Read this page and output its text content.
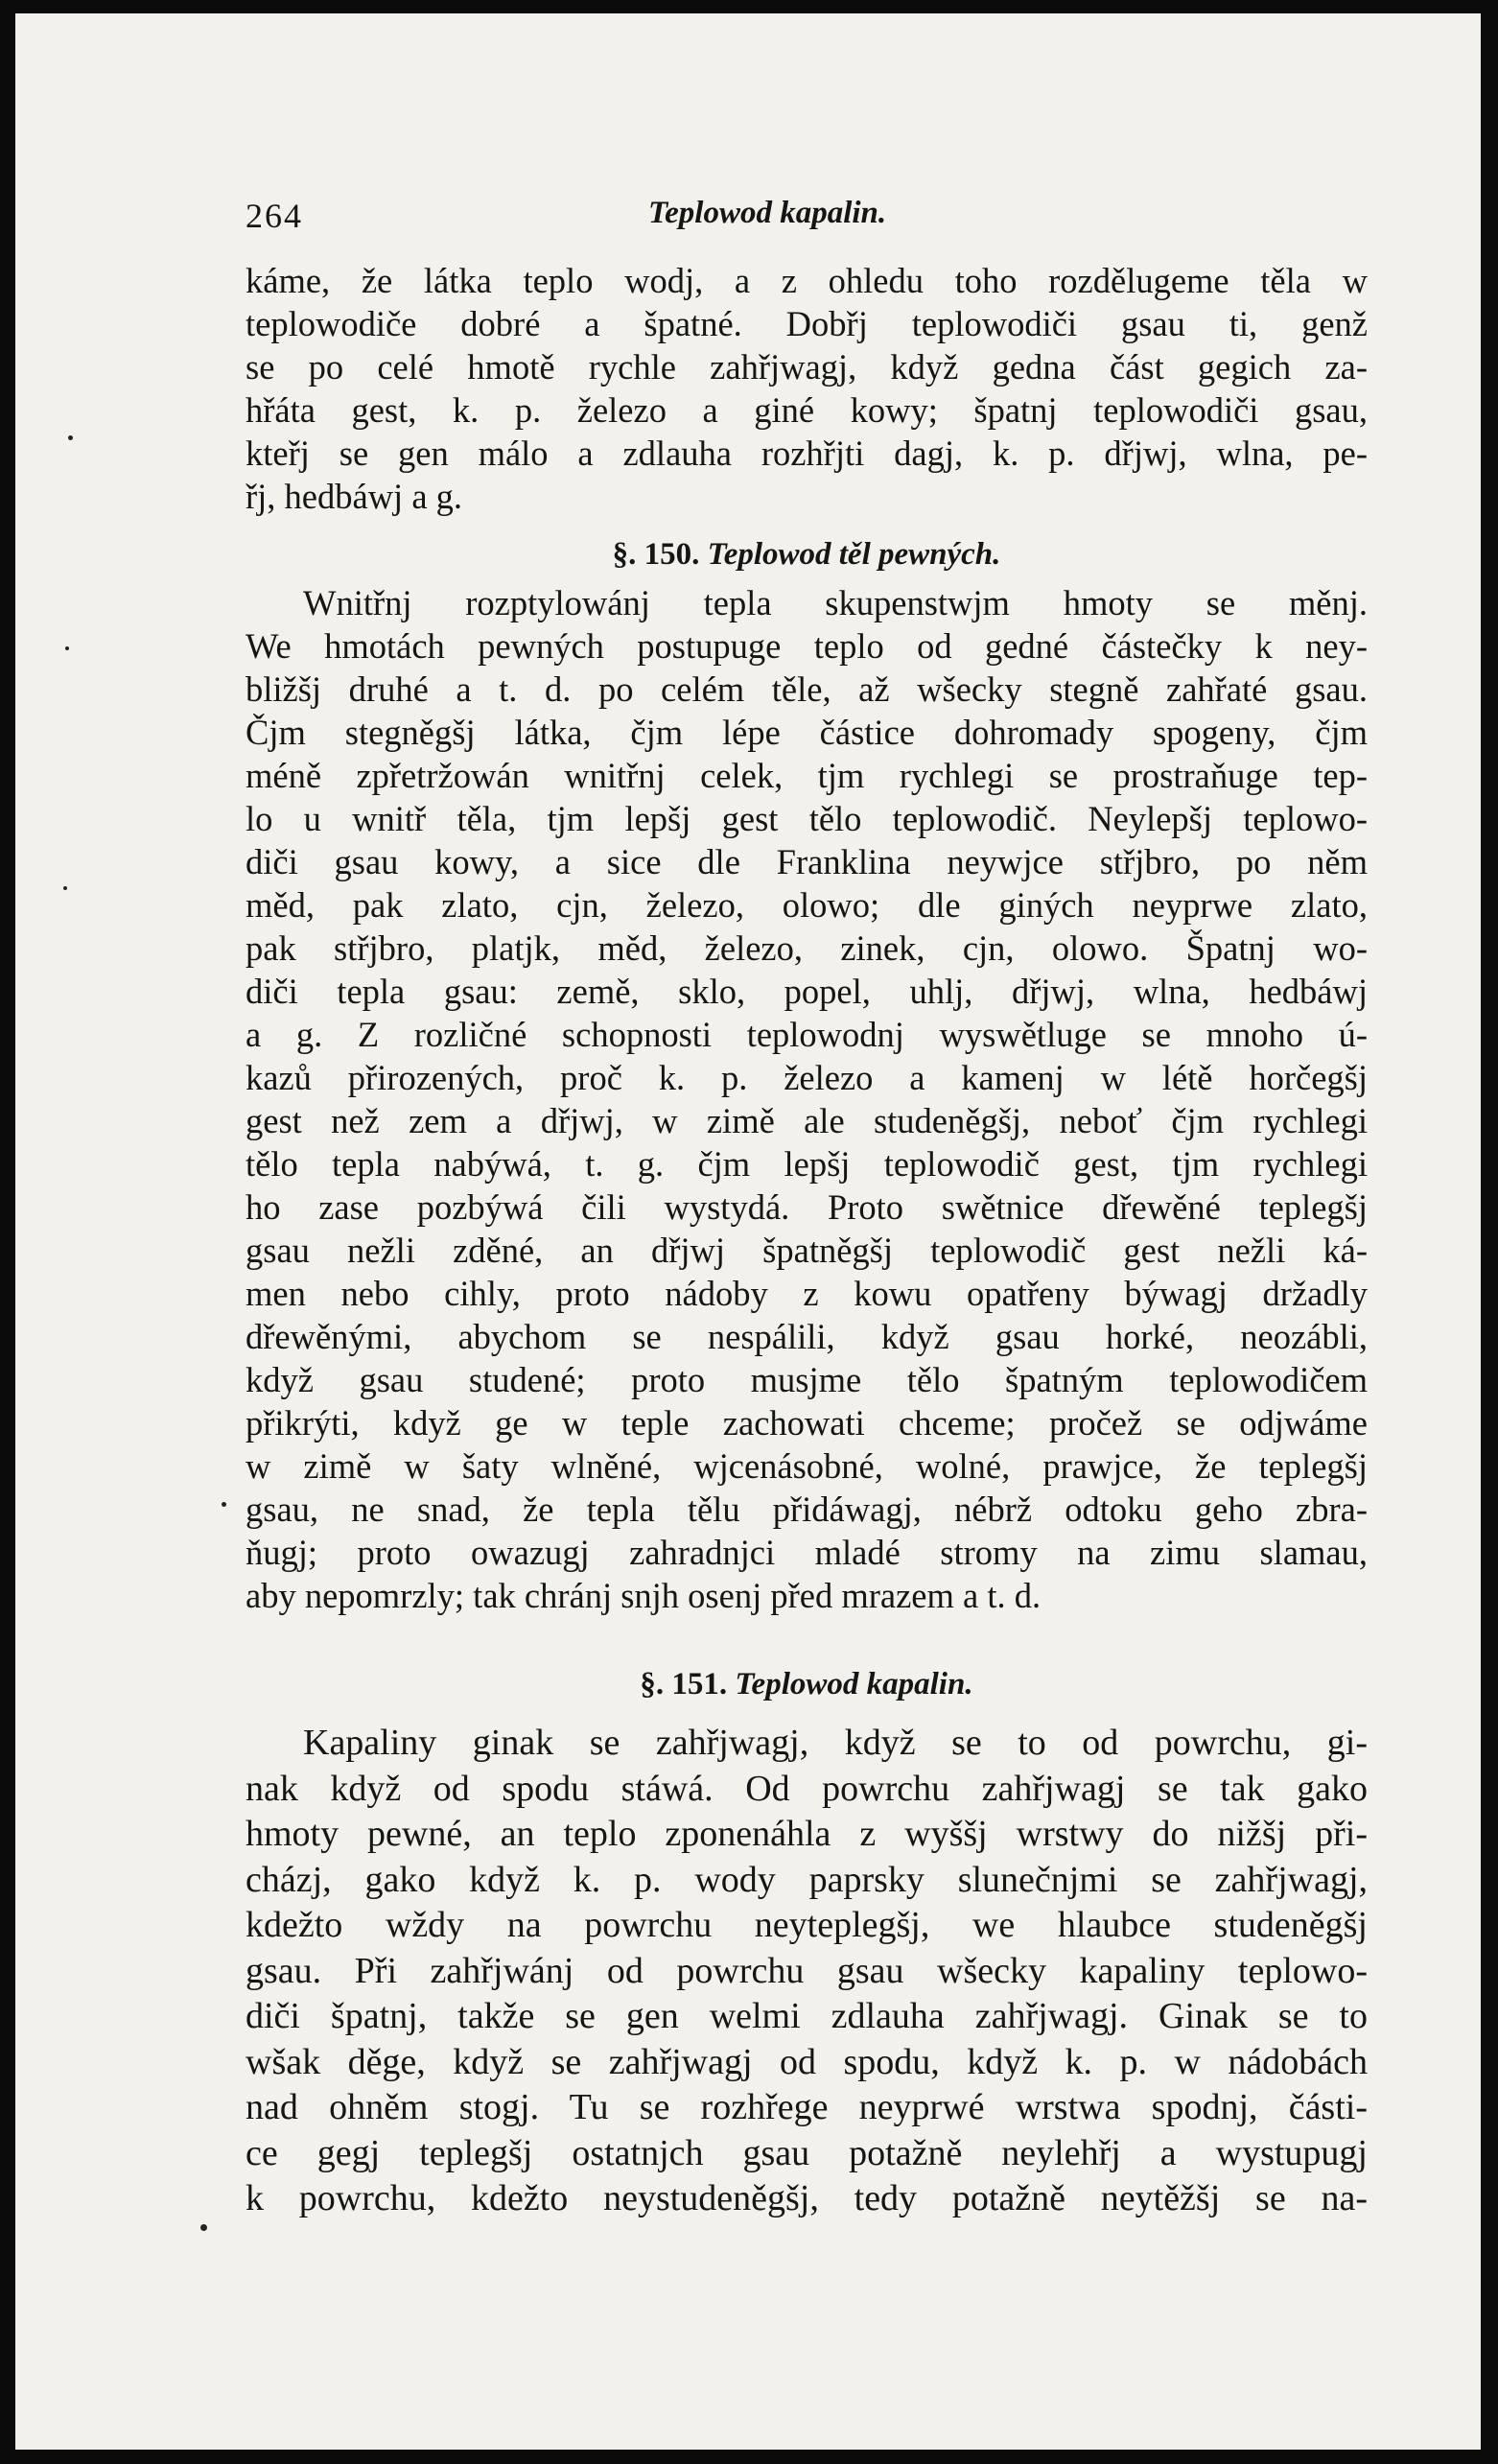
264	Teplowod kapalin.
káme, že látka teplo wodj, a z ohledu toho rozdělugeme těla w
teplowodiče dobré a špatné. Dobřj teplowodiči gsau ti, genž
se po celé hmotě rychle zahřjwagj, když gedna část gegich za-
hřáta gest, k. p. železo a giné kowy; špatnj teplowodiči gsau,
kteřj se gen málo a zdlauha rozhřjti dagj, k. p. dřjwj, wlna, pe-
řj, hedbáwj a g.
§. 150. Teplowod těl pewných.
Wnitřnj rozptylowánj tepla skupenstwjm hmoty se měnj.
We hmotách pewných postupuge teplo od gedné částečky k ney-
bližšj druhé a t. d. po celém těle, až wšecky stegně zahřaté gsau.
Čjm stegněgšj látka, čjm lépe částice dohromady spogeny, čjm
méně zpřetržowán wnitřnj celek, tjm rychlegi se prostraňuge tep-
lo u wnitř těla, tjm lepšj gest tělo teplowodič. Neylepšj teplowo-
diči gsau kowy, a sice dle Franklina neywjce střjbro, po něm
měd, pak zlato, cjn, železo, olowo; dle giných neyprwe zlato,
pak střjbro, platjk, měd, železo, zinek, cjn, olowo. Špatnj wo-
diči tepla gsau: země, sklo, popel, uhlj, dřjwj, wlna, hedbáwj
a g. Z rozličné schopnosti teplowodnj wyswětluge se mnoho ú-
kazů přirozených, proč k. p. železo a kamenj w létě horčegšj
gest než zem a dřjwj, w zimě ale studeněgšj, neboť čjm rychlegi
tělo tepla nabýwá, t. g. čjm lepšj teplowodič gest, tjm rychlegi
ho zase pozbýwá čili wystydá. Proto swětnice dřewěné teplegšj
gsau nežli zděné, an dřjwj špatněgšj teplowodič gest nežli ká-
men nebo cihly, proto nádoby z kowu opatřeny býwagj držadly
dřewěnými, abychom se nespálili, když gsau horké, neozábli,
když gsau studené; proto musjme tělo špatným teplowodičem
přikrýti, když ge w teple zachowati chceme; pročež se odjwáme
w zimě w šaty wlněné, wjcenásobné, wolné, prawjce, že teplegšj
gsau, ne snad, že tepla tělu přidáwagj, nébrž odtoku geho zbra-
ňugj; proto owazugj zahradnjci mladé stromy na zimu slamau,
aby nepomrzly; tak chránj snjh osenj před mrazem a t. d.
§. 151. Teplowod kapalin.
Kapaliny ginak se zahřjwagj, když se to od powrchu, gi-
nak když od spodu stáwá. Od powrchu zahřjwagj se tak gako
hmoty pewné, an teplo zponenáhla z wyššj wrstwy do nižšj při-
cházj, gako když k. p. wody paprsky slunečnjmi se zahřjwagj,
kdežto wždy na powrchu neyteplegšj, we hlaubce studeněgšj
gsau. Při zahřjwánj od powrchu gsau wšecky kapaliny teplowo-
diči špatnj, takže se gen welmi zdlauha zahřjwagj. Ginak se to
wšak děge, když se zahřjwagj od spodu, když k. p. w nádobách
nad ohněm stogj. Tu se rozhřege neyprwé wrstwa spodnj, části-
ce gegj teplegšj ostatnjch gsau potažně neylehřj a wystupugj
k powrchu, kdežto neystudeněgšj, tedy potažně neytěžšj se na-
